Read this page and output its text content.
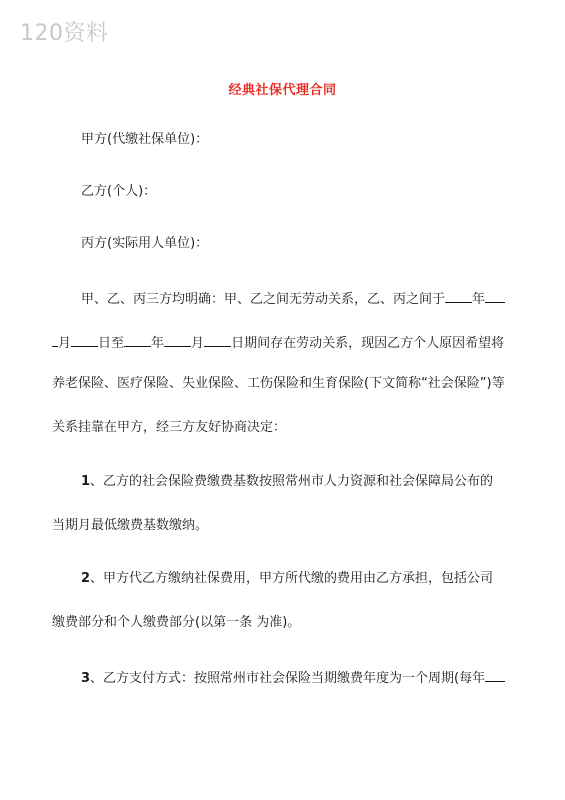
120资料
经典社保代理合同
甲方(代缴社保单位)：
乙方(个人)：
丙方(实际用人单位)：
甲、乙、丙三方均明确：甲、乙之间无劳动关系，乙、丙之间于 年
月 日至 年 月 日期间存在劳动关系，现因乙方个人原因希望将
养老保险、医疗保险、失业保险、工伤保险和生育保险(下文简称“社会保险”)等
关系挂靠在甲方，经三方友好协商决定：
1、乙方的社会保险费缴费基数按照常州市人力资源和社会保障局公布的
当期月最低缴费基数缴纳。
2、甲方代乙方缴纳社保费用，甲方所代缴的费用由乙方承担，包括公司
缴费部分和个人缴费部分(以第一条 为准)。
3、乙方支付方式：按照常州市社会保险当期缴费年度为一个周期(每年
